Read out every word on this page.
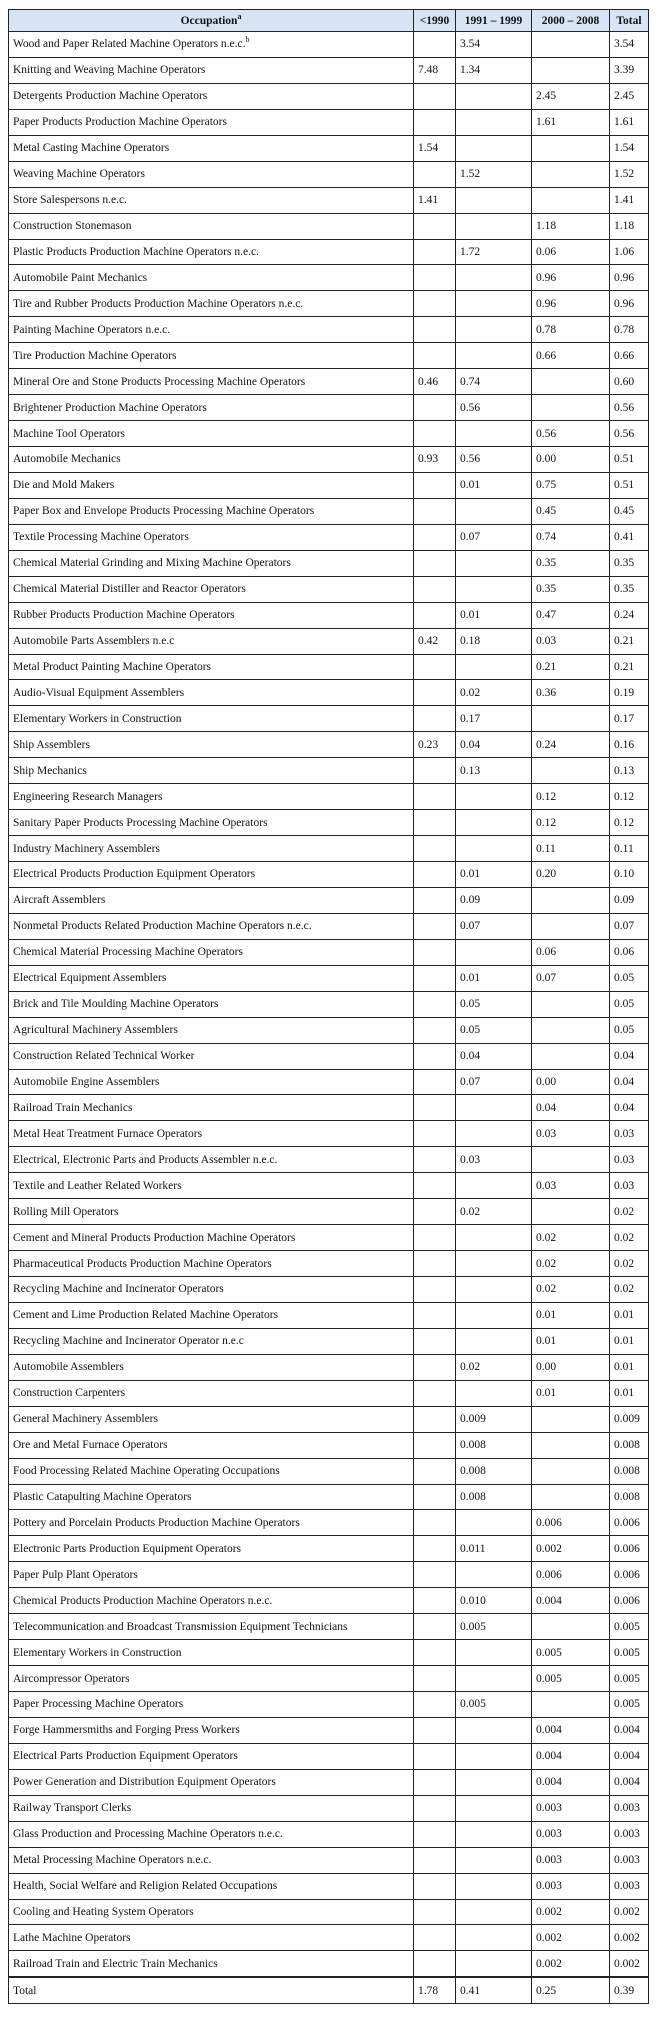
Occupation$^a$	<1990	1991 – 1999	2000 – 2008	Total
Wood and Paper Related Machine Operators n.e.c.$^b$		3.54		3.54
Knitting and Weaving Machine Operators	7.48	1.34		3.39
Detergents Production Machine Operators			2.45	2.45
Paper Products Production Machine Operators			1.61	1.61
Metal Casting Machine Operators	1.54			1.54
Weaving Machine Operators		1.52		1.52
Store Salespersons n.e.c.	1.41			1.41
Construction Stonemason			1.18	1.18
Plastic Products Production Machine Operators n.e.c.		1.72	0.06	1.06
Automobile Paint Mechanics			0.96	0.96
Tire and Rubber Products Production Machine Operators n.e.c.			0.96	0.96
Painting Machine Operators n.e.c.			0.78	0.78
Tire Production Machine Operators			0.66	0.66
Mineral Ore and Stone Products Processing Machine Operators	0.46	0.74		0.60
Brightener Production Machine Operators		0.56		0.56
Machine Tool Operators			0.56	0.56
Automobile Mechanics	0.93	0.56	0.00	0.51
Die and Mold Makers		0.01	0.75	0.51
Paper Box and Envelope Products Processing Machine Operators			0.45	0.45
Textile Processing Machine Operators		0.07	0.74	0.41
Chemical Material Grinding and Mixing Machine Operators			0.35	0.35
Chemical Material Distiller and Reactor Operators			0.35	0.35
Rubber Products Production Machine Operators		0.01	0.47	0.24
Automobile Parts Assemblers n.e.c	0.42	0.18	0.03	0.21
Metal Product Painting Machine Operators			0.21	0.21
Audio-Visual Equipment Assemblers		0.02	0.36	0.19
Elementary Workers in Construction		0.17		0.17
Ship Assemblers	0.23	0.04	0.24	0.16
Ship Mechanics		0.13		0.13
Engineering Research Managers			0.12	0.12
Sanitary Paper Products Processing Machine Operators			0.12	0.12
Industry Machinery Assemblers			0.11	0.11
Electrical Products Production Equipment Operators		0.01	0.20	0.10
Aircraft Assemblers		0.09		0.09
Nonmetal Products Related Production Machine Operators n.e.c.		0.07		0.07
Chemical Material Processing Machine Operators			0.06	0.06
Electrical Equipment Assemblers		0.01	0.07	0.05
Brick and Tile Moulding Machine Operators		0.05		0.05
Agricultural Machinery Assemblers		0.05		0.05
Construction Related Technical Worker		0.04		0.04
Automobile Engine Assemblers		0.07	0.00	0.04
Railroad Train Mechanics			0.04	0.04
Metal Heat Treatment Furnace Operators			0.03	0.03
Electrical, Electronic Parts and Products Assembler n.e.c.		0.03		0.03
Textile and Leather Related Workers			0.03	0.03
Rolling Mill Operators		0.02		0.02
Cement and Mineral Products Production Machine Operators			0.02	0.02
Pharmaceutical Products Production Machine Operators			0.02	0.02
Recycling Machine and Incinerator Operators			0.02	0.02
Cement and Lime Production Related Machine Operators			0.01	0.01
Recycling Machine and Incinerator Operator n.e.c			0.01	0.01
Automobile Assemblers		0.02	0.00	0.01
Construction Carpenters			0.01	0.01
General Machinery Assemblers		0.009		0.009
Ore and Metal Furnace Operators		0.008		0.008
Food Processing Related Machine Operating Occupations		0.008		0.008
Plastic Catapulting Machine Operators		0.008		0.008
Pottery and Porcelain Products Production Machine Operators			0.006	0.006
Electronic Parts Production Equipment Operators		0.011	0.002	0.006
Paper Pulp Plant Operators			0.006	0.006
Chemical Products Production Machine Operators n.e.c.		0.010	0.004	0.006
Telecommunication and Broadcast Transmission Equipment Technicians		0.005		0.005
Elementary Workers in Construction			0.005	0.005
Aircompressor Operators			0.005	0.005
Paper Processing Machine Operators		0.005		0.005
Forge Hammersmiths and Forging Press Workers			0.004	0.004
Electrical Parts Production Equipment Operators			0.004	0.004
Power Generation and Distribution Equipment Operators			0.004	0.004
Railway Transport Clerks			0.003	0.003
Glass Production and Processing Machine Operators n.e.c.			0.003	0.003
Metal Processing Machine Operators n.e.c.			0.003	0.003
Health, Social Welfare and Religion Related Occupations			0.003	0.003
Cooling and Heating System Operators			0.002	0.002
Lathe Machine Operators			0.002	0.002
Railroad Train and Electric Train Mechanics			0.002	0.002
Total	1.78	0.41	0.25	0.39
